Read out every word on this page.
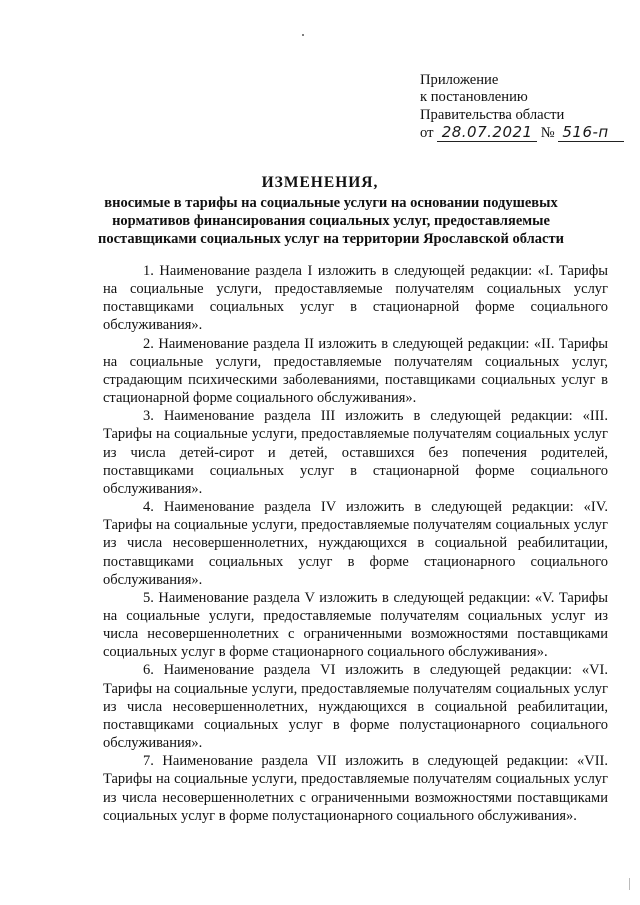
Приложение
к постановлению
Правительства области
от 28.07.2021 № 516-п
ИЗМЕНЕНИЯ,
вносимые в тарифы на социальные услуги на основании подушевых нормативов финансирования социальных услуг, предоставляемые поставщиками социальных услуг на территории Ярославской области

1. Наименование раздела I изложить в следующей редакции: «I. Тарифы на социальные услуги, предоставляемые получателям социальных услуг поставщиками социальных услуг в стационарной форме социального обслуживания».

2. Наименование раздела II изложить в следующей редакции: «II. Тарифы на социальные услуги, предоставляемые получателям социальных услуг, страдающим психическими заболеваниями, поставщиками социальных услуг в стационарной форме социального обслуживания».

3. Наименование раздела III изложить в следующей редакции: «III. Тарифы на социальные услуги, предоставляемые получателям социальных услуг из числа детей-сирот и детей, оставшихся без попечения родителей, поставщиками социальных услуг в стационарной форме социального обслуживания».

4. Наименование раздела IV изложить в следующей редакции: «IV. Тарифы на социальные услуги, предоставляемые получателям социальных услуг из числа несовершеннолетних, нуждающихся в социальной реабилитации, поставщиками социальных услуг в форме стационарного социального обслуживания».

5. Наименование раздела V изложить в следующей редакции: «V. Тарифы на социальные услуги, предоставляемые получателям социальных услуг из числа несовершеннолетних с ограниченными возможностями поставщиками социальных услуг в форме стационарного социального обслуживания».

6. Наименование раздела VI изложить в следующей редакции: «VI. Тарифы на социальные услуги, предоставляемые получателям социальных услуг из числа несовершеннолетних, нуждающихся в социальной реабилитации, поставщиками социальных услуг в форме полустационарного социального обслуживания».

7. Наименование раздела VII изложить в следующей редакции: «VII. Тарифы на социальные услуги, предоставляемые получателям социальных услуг из числа несовершеннолетних с ограниченными возможностями поставщиками социальных услуг в форме полустационарного социального обслуживания».
